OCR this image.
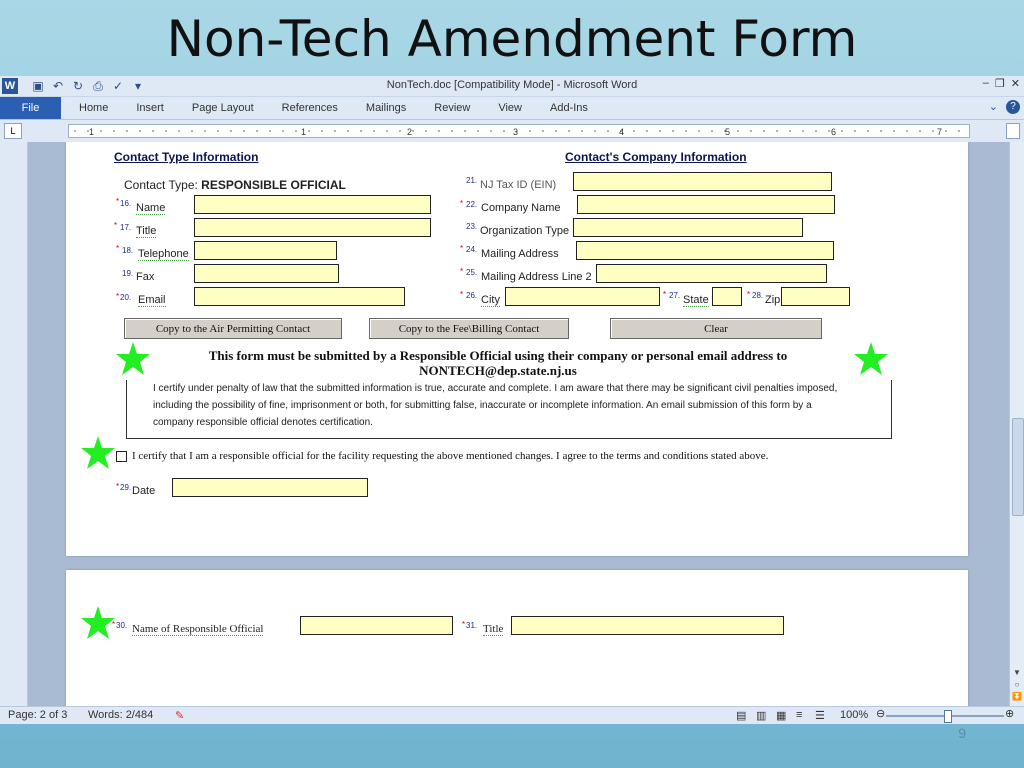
Non-Tech Amendment Form
W ▣ ↶ ↻ ⎙ ✓ ▾	NonTech.doc [Compatibility Mode] - Microsoft Word	– ❐ ✕
File	Home	Insert	Page Layout	References	Mailings	Review	View	Add-Ins	⌄	?
L	1	1	2	3	4	5	6	7
Contact Type Information	Contact's Company Information
Contact Type: RESPONSIBLE OFFICIAL
* 16. Name
* 17. Title
* 18. Telephone
19. Fax
* 20. Email
21. NJ Tax ID (EIN)
* 22. Company Name
23. Organization Type
* 24. Mailing Address
* 25. Mailing Address Line 2
* 26. City	* 27. State	* 28. Zip
Copy to the Air Permitting Contact	Copy to the Fee\Billing Contact	Clear
This form must be submitted by a Responsible Official using their company or personal email address to
NONTECH@dep.state.nj.us

I certify under penalty of law that the submitted information is true, accurate and complete. I am aware that there may be significant civil penalties imposed,

including the possibility of fine, imprisonment or both, for submitting false, inaccurate or incomplete information. An email submission of this form by a

company responsible official denotes certification.

I certify that I am a responsible official for the facility requesting the above mentioned changes. I agree to the terms and conditions stated above.
* 29. Date
* 30. Name of Responsible Official	* 31. Title
▼
○
⏬
Page: 2 of 3 Words: 2/484 ✎	▤ ▥ ▦ ≡ ☰ 100% ⊖	⊕
9
